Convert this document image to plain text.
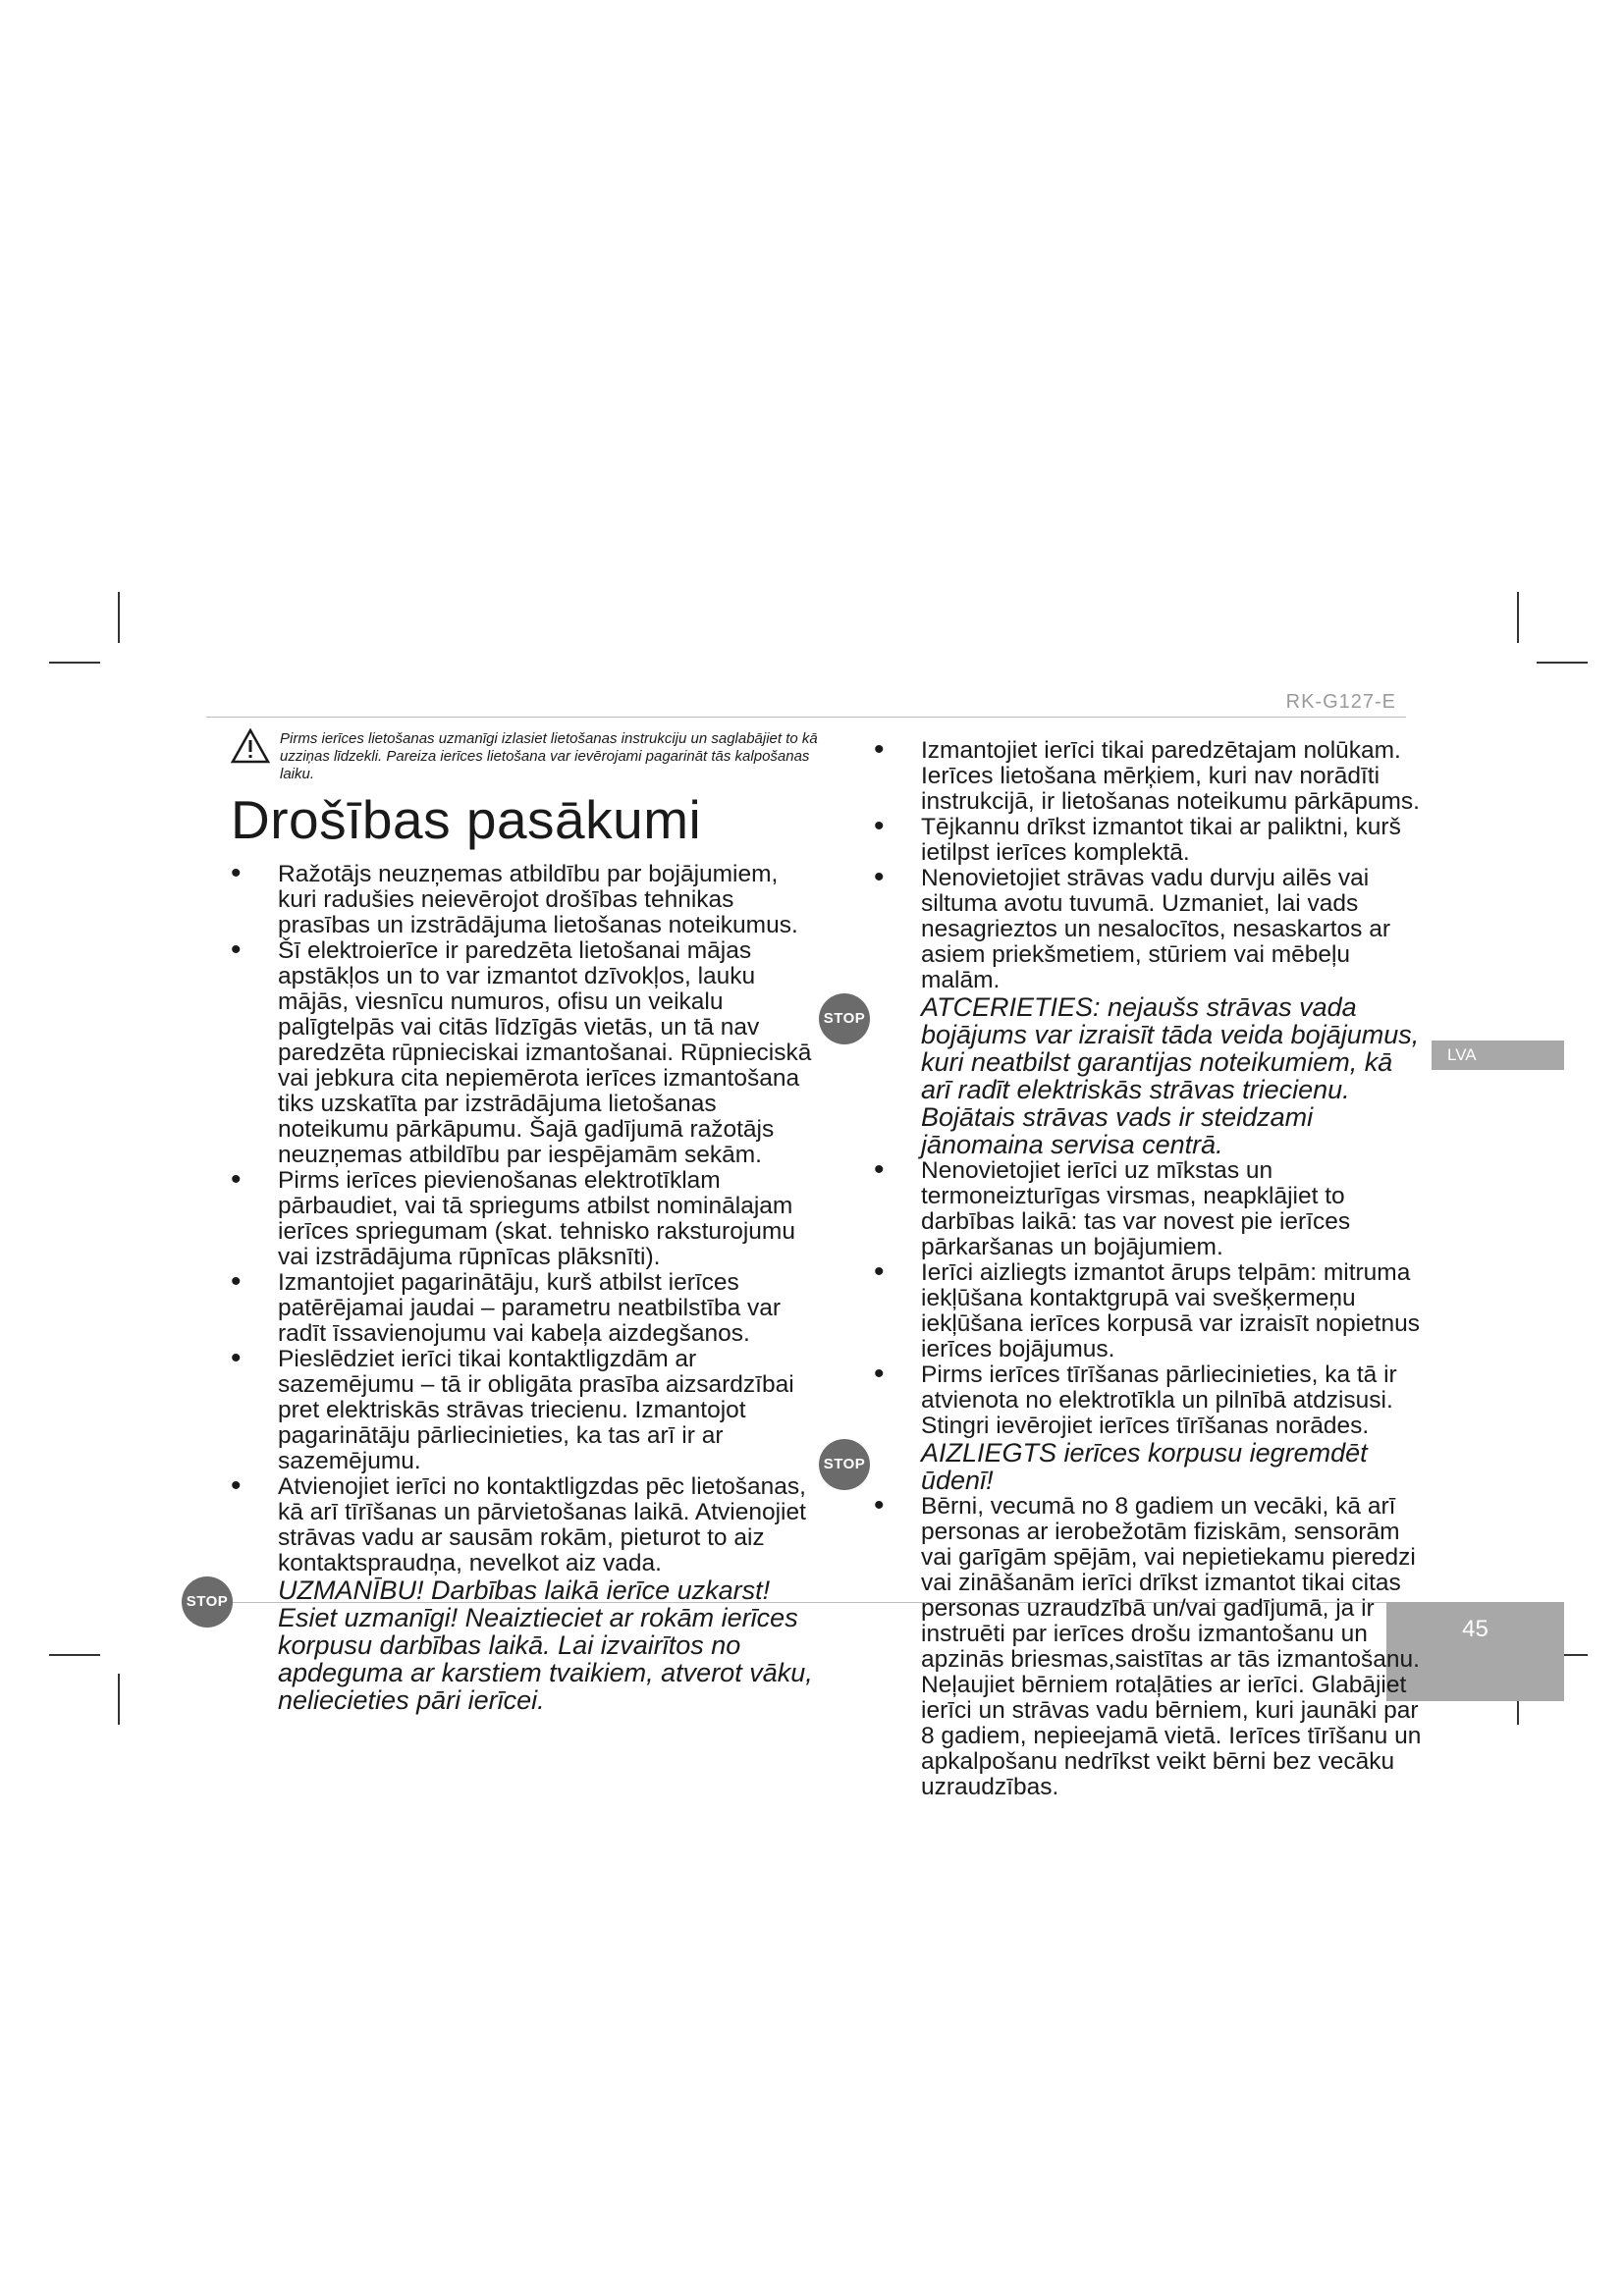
RK-G127-E
LVA
45
Pirms ierīces lietošanas uzmanīgi izlasiet lietošanas instrukciju un saglabājiet to kā uzziņas līdzekli. Pareiza ierīces lietošana var ievērojami pagarināt tās kalpošanas laiku.
Drošības pasākumi
• Ražotājs neuzņemas atbildību par bojājumiem, kuri radušies neievērojot drošības tehnikas prasības un izstrādājuma lietošanas noteikumus.
• Šī elektroierīce ir paredzēta lietošanai mājas apstākļos un to var izmantot dzīvokļos, lauku mājās, viesnīcu numuros, ofisu un veikalu palīgtelpās vai citās līdzīgās vietās, un tā nav paredzēta rūpnieciskai izmantošanai. Rūpnieciskā vai jebkura cita nepiemērota ierīces izmantošana tiks uzskatīta par izstrādājuma lietošanas noteikumu pārkāpumu. Šajā gadījumā ražotājs neuzņemas atbildību par iespējamām sekām.
• Pirms ierīces pievienošanas elektrotīklam pārbaudiet, vai tā spriegums atbilst nominālajam ierīces spriegumam (skat. tehnisko raksturojumu vai izstrādājuma rūpnīcas plāksnīti).
• Izmantojiet pagarinātāju, kurš atbilst ierīces patērējamai jaudai – parametru neatbilstība var radīt īssavienojumu vai kabeļa aizdegšanos.
• Pieslēdziet ierīci tikai kontaktligzdām ar sazemējumu – tā ir obligāta prasība aizsardzībai pret elektriskās strāvas triecienu. Izmantojot pagarinātāju pārliecinieties, ka tas arī ir ar sazemējumu.
• Atvienojiet ierīci no kontaktligzdas pēc lietošanas, kā arī tīrīšanas un pārvietošanas laikā. Atvienojiet strāvas vadu ar sausām rokām, pieturot to aiz kontaktspraudņa, nevelkot aiz vada.
STOP UZMANĪBU! Darbības laikā ierīce uzkarst! Esiet uzmanīgi! Neaiztieciet ar rokām ierīces korpusu darbības laikā. Lai izvairītos no apdeguma ar karstiem tvaikiem, atverot vāku, neliecieties pāri ierīcei.
• Izmantojiet ierīci tikai paredzētajam nolūkam. Ierīces lietošana mērķiem, kuri nav norādīti instrukcijā, ir lietošanas noteikumu pārkāpums.
• Tējkannu drīkst izmantot tikai ar paliktni, kurš ietilpst ierīces komplektā.
• Nenovietojiet strāvas vadu durvju ailēs vai siltuma avotu tuvumā. Uzmaniet, lai vads nesagrieztos un nesalocītos, nesaskartos ar asiem priekšmetiem, stūriem vai mēbeļu malām.
STOP ATCERIETIES: nejaušs strāvas vada bojājums var izraisīt tāda veida bojājumus, kuri neatbilst garantijas noteikumiem, kā arī radīt elektriskās strāvas triecienu. Bojātais strāvas vads ir steidzami jānomaina servisa centrā.
• Nenovietojiet ierīci uz mīkstas un termoneizturīgas virsmas, neapklājiet to darbības laikā: tas var novest pie ierīces pārkaršanas un bojājumiem.
• Ierīci aizliegts izmantot ārups telpām: mitruma iekļūšana kontaktgrupā vai svešķermeņu iekļūšana ierīces korpusā var izraisīt nopietnus ierīces bojājumus.
• Pirms ierīces tīrīšanas pārliecinieties, ka tā ir atvienota no elektrotīkla un pilnībā atdzisusi. Stingri ievērojiet ierīces tīrīšanas norādes.
STOP AIZLIEGTS ierīces korpusu iegremdēt ūdenī!
• Bērni, vecumā no 8 gadiem un vecāki, kā arī personas ar ierobežotām fiziskām, sensorām vai garīgām spējām, vai nepietiekamu pieredzi vai zināšanām ierīci drīkst izmantot tikai citas personas uzraudzībā un/vai gadījumā, ja ir instruēti par ierīces drošu izmantošanu un apzinās briesmas,saistītas ar tās izmantošanu. Neļaujiet bērniem rotaļāties ar ierīci. Glabājiet ierīci un strāvas vadu bērniem, kuri jaunāki par 8 gadiem, nepieejamā vietā. Ierīces tīrīšanu un apkalpošanu nedrīkst veikt bērni bez vecāku uzraudzības.
